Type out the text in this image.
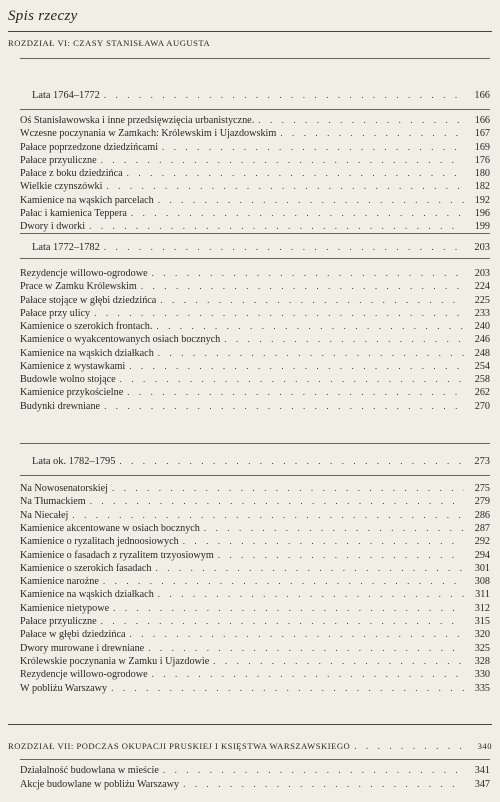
Spis rzeczy
ROZDZIAŁ VI:
CZASY STANISŁAWA AUGUSTA
Lata 1764–1772 . . .	166
Oś Stanisławowska i inne przedsięwzięcia urbanistyczne. . . .	166
Wczesne poczynania w Zamkach: Królewskim i Ujazdowskim . . .	167
Pałace poprzedzone dziedzińcami . . .	169
Pałace przyuliczne . . .	176
Pałace z boku dziedzińca . . .	180
Wielkie czynszówki . . .	182
Kamienice na wąskich parcelach . . .	192
Pałac i kamienica Teppera . . .	196
Dwory i dworki . . .	199
Lata 1772–1782 . . .	203
Rezydencje willowo-ogrodowe . . .	203
Prace w Zamku Królewskim . . .	224
Pałace stojące w głębi dziedzińca . . .	225
Pałace przy ulicy . . .	233
Kamienice o szerokich frontach. . . .	240
Kamienice o wyakcentowanych osiach bocznych . . .	246
Kamienice na wąskich działkach . . .	248
Kamienice z wystawkami . . .	254
Budowle wolno stojące . . .	258
Kamienice przykościelne . . .	262
Budynki drewniane . . .	270
Lata ok. 1782–1795 . . .	273
Na Nowosenatorskiej . . .	275
Na Tłumackiem . . .	279
Na Niecałej . . .	286
Kamienice akcentowane w osiach bocznych . . .	287
Kamienice o ryzalitach jednoosiowych . . .	292
Kamienice o fasadach z ryzalitem trzyosiowym . . .	294
Kamienice o szerokich fasadach . . .	301
Kamienice narożne . . .	308
Kamienice na wąskich działkach . . .	311
Kamienice nietypowe . . .	312
Pałace przyuliczne . . .	315
Pałace w głębi dziedzińca . . .	320
Dwory murowane i drewniane . . .	325
Królewskie poczynania w Zamku i Ujazdowie . . .	328
Rezydencje willowo-ogrodowe . . .	330
W pobliżu Warszawy . . .	335
ROZDZIAŁ VII: PODCZAS OKUPACJI PRUSKIEJ I KSIĘSTWA WARSZAWSKIEGO . . .	340
Działalność budowlana w mieście . . .	341
Akcje budowlane w pobliżu Warszawy . . .	347
